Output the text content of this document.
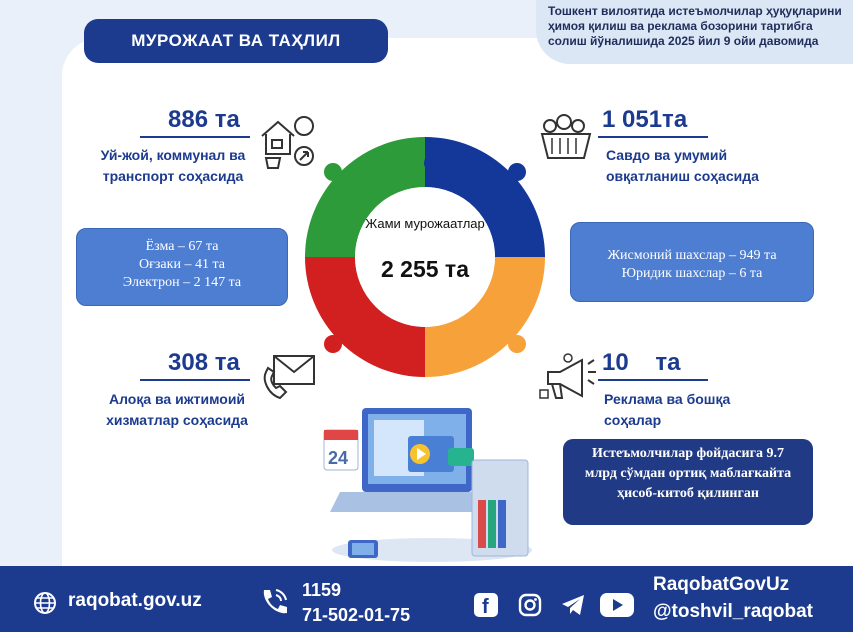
Тошкент вилоятида истеъмолчилар ҳуқуқларини ҳимоя қилиш ва реклама бозорини тартибга солиш йўналишида 2025 йил 9 ойи давомида
МУРОЖААТ ВА ТАҲЛИЛ
Жами мурожаатлар
2 255 та
886 та
Уй-жой, коммунал ва транспорт соҳасида
1 051та
Савдо ва умумий овқатланиш соҳасида
308 та
Алоқа ва ижтимоий хизматлар соҳасида
10    та
Реклама ва бошқа соҳалар
Ёзма – 67 та
Оғзаки – 41 та
Электрон – 2 147 та
Жисмоний шахслар – 949 та
Юридик шахслар – 6 та
Истеъмолчилар фойдасига 9.7 млрд сўмдан ортиқ маблағкайта ҳисоб-китоб қилинган
24
raqobat.gov.uz	1159
71-502-01-75	f
RaqobatGovUz
@toshvil_raqobat
